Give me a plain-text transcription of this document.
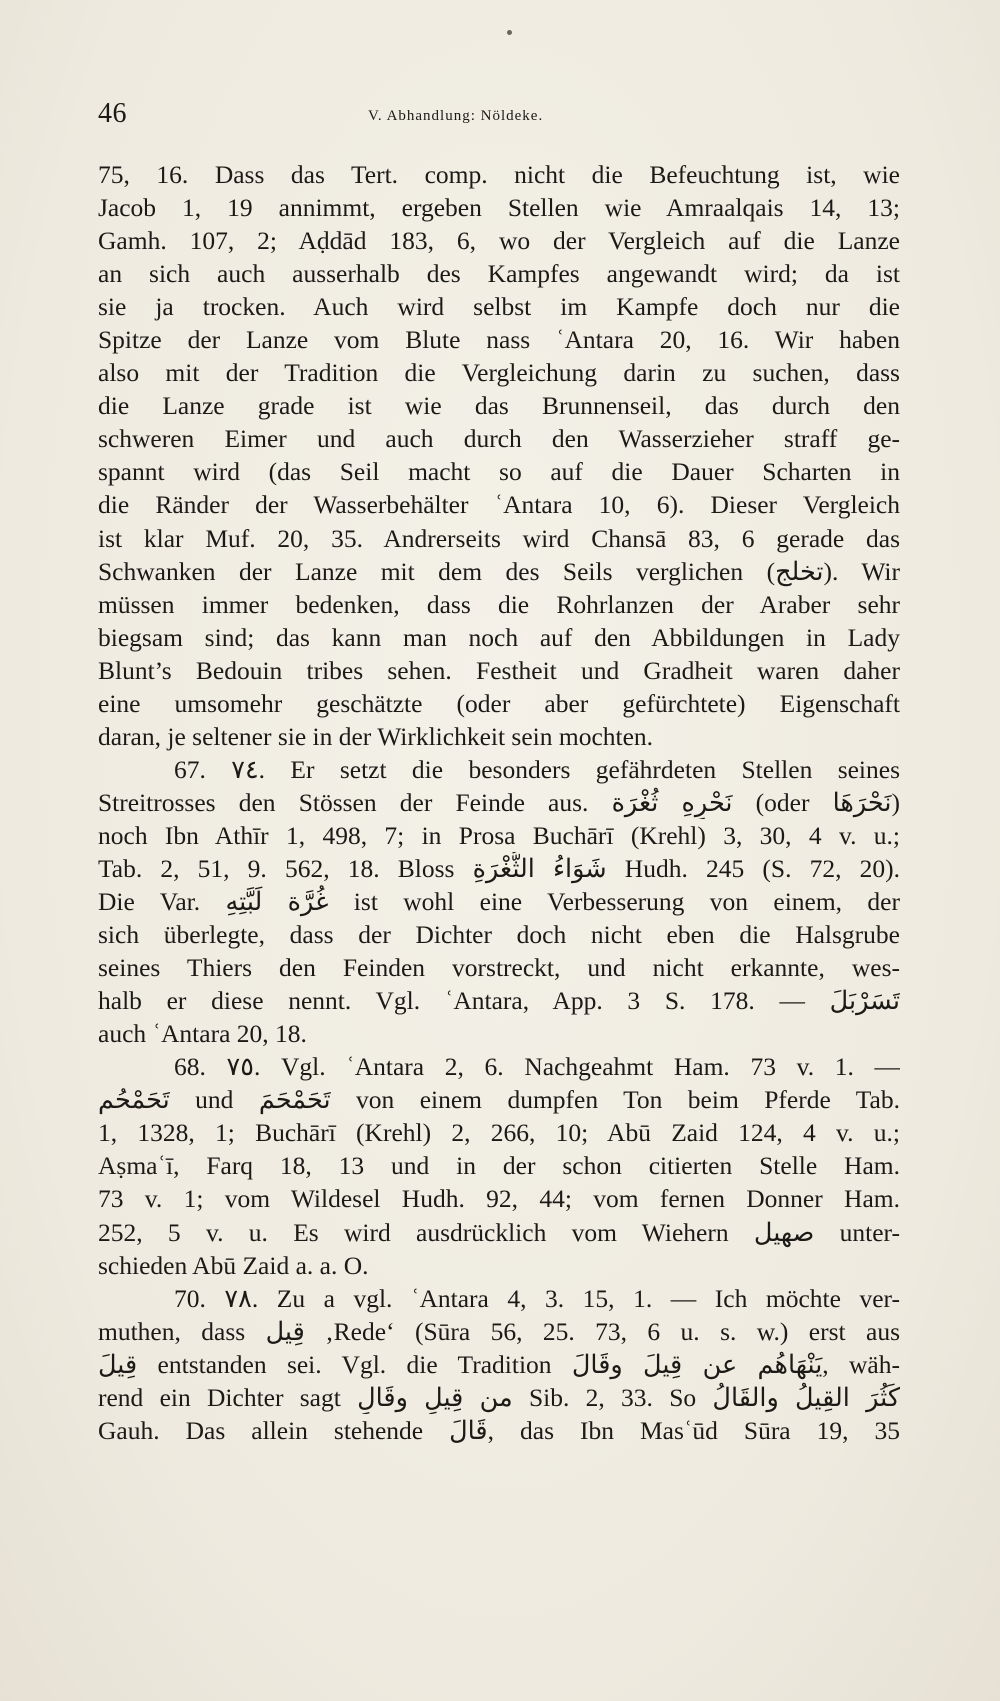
46	V. Abhandlung: Nöldeke.
75, 16. Dass das Tert. comp. nicht die Befeuchtung ist, wie
Jacob 1, 19 annimmt, ergeben Stellen wie Amraalqais 14, 13;
Gamh. 107, 2; Aḍdād 183, 6, wo der Vergleich auf die Lanze
an sich auch ausserhalb des Kampfes angewandt wird; da ist
sie ja trocken. Auch wird selbst im Kampfe doch nur die
Spitze der Lanze vom Blute nass ʿAntara 20, 16. Wir haben
also mit der Tradition die Vergleichung darin zu suchen, dass
die Lanze grade ist wie das Brunnenseil, das durch den
schweren Eimer und auch durch den Wasserzieher straff ge-
spannt wird (das Seil macht so auf die Dauer Scharten in
die Ränder der Wasserbehälter ʿAntara 10, 6). Dieser Vergleich
ist klar Muf. 20, 35. Andrerseits wird Chansā 83, 6 gerade das
Schwanken der Lanze mit dem des Seils verglichen (تخلج). Wir
müssen immer bedenken, dass die Rohrlanzen der Araber sehr
biegsam sind; das kann man noch auf den Abbildungen in Lady
Blunt’s Bedouin tribes sehen. Festheit und Gradheit waren daher
eine umsomehr geschätzte (oder aber gefürchtete) Eigenschaft
daran, je seltener sie in der Wirklichkeit sein mochten.
67. ٧٤. Er setzt die besonders gefährdeten Stellen seines
Streitrosses den Stössen der Feinde aus. نَحْرِهِ ثُغْرَة (oder نَحْرَهَا)
noch Ibn Athīr 1, 498, 7; in Prosa Buchārī (Krehl) 3, 30, 4 v. u.;
Tab. 2, 51, 9. 562, 18. Bloss شَوَاءُ الثُّغْرَةِ Hudh. 245 (S. 72, 20).
Die Var. غُرَّة لَبَّتِهِ ist wohl eine Verbesserung von einem, der
sich überlegte, dass der Dichter doch nicht eben die Halsgrube
seines Thiers den Feinden vorstreckt, und nicht erkannte, wes-
halb er diese nennt. Vgl. ʿAntara, App. 3 S. 178. — تَسَرْبَلَ
auch ʿAntara 20, 18.
68. ٧٥. Vgl. ʿAntara 2, 6. Nachgeahmt Ham. 73 v. 1. —
تَحَمْحُم und تَحَمْحَمَ von einem dumpfen Ton beim Pferde Tab.
1, 1328, 1; Buchārī (Krehl) 2, 266, 10; Abū Zaid 124, 4 v. u.;
Aṣmaʿī, Farq 18, 13 und in der schon citierten Stelle Ham.
73 v. 1; vom Wildesel Hudh. 92, 44; vom fernen Donner Ham.
252, 5 v. u. Es wird ausdrücklich vom Wiehern صهيل unter-
schieden Abū Zaid a. a. O.
70. ٧٨. Zu a vgl. ʿAntara 4, 3. 15, 1. — Ich möchte ver-
muthen, dass قِيل ‚Rede‘ (Sūra 56, 25. 73, 6 u. s. w.) erst aus
قِيلَ entstanden sei. Vgl. die Tradition يَنْهَاهُم عن قِيلَ وقَالَ, wäh-
rend ein Dichter sagt من قِيلٍ وقَالِ Sib. 2, 33. So كَثُرَ القِيلُ والقَالُ
Gauh. Das allein stehende قَالَ, das Ibn Masʿūd Sūra 19, 35
